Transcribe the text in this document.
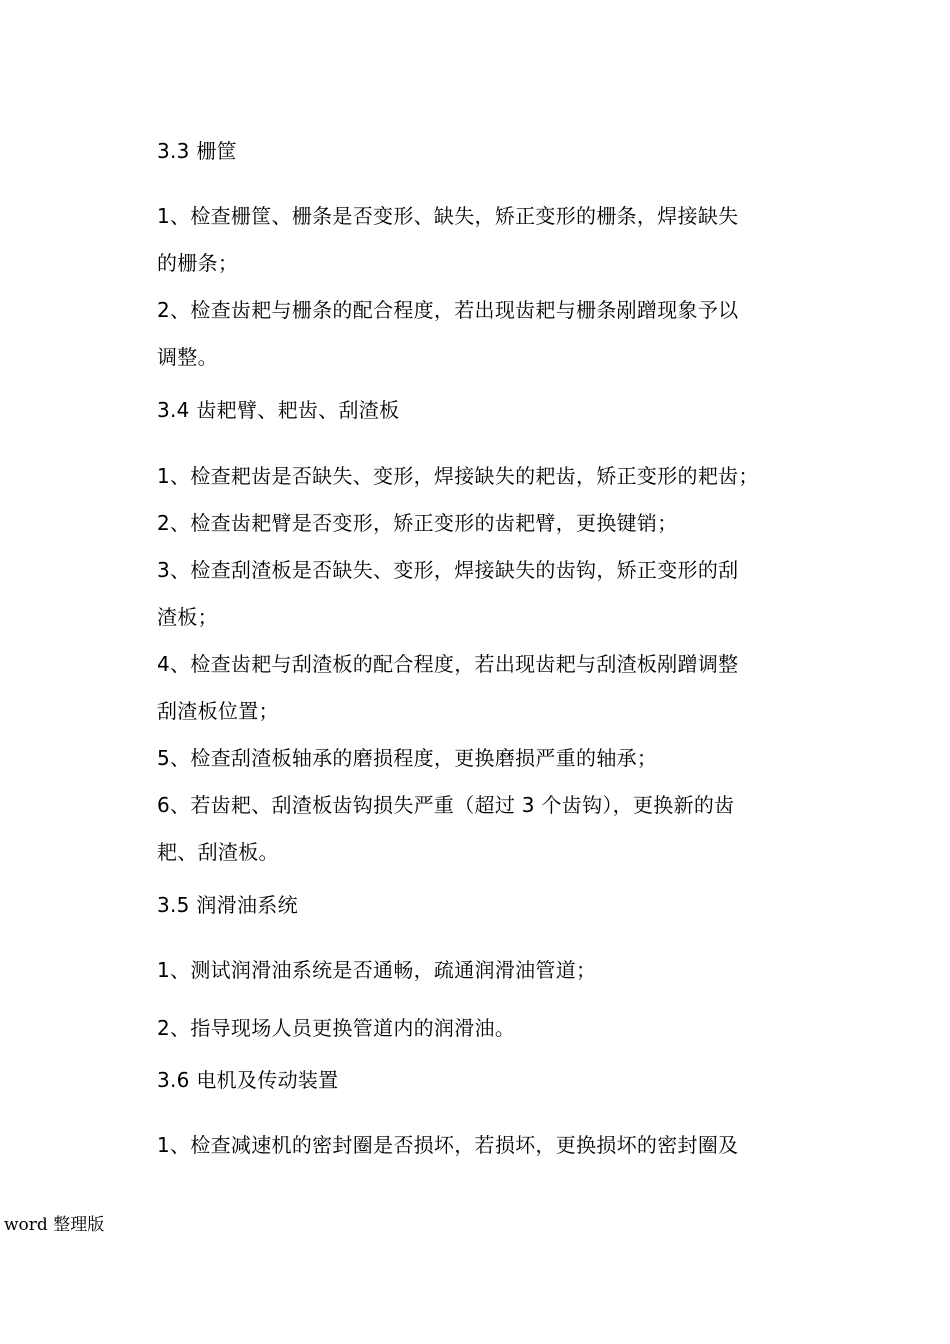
3.3 栅筐
1、检查栅筐、栅条是否变形、缺失，矫正变形的栅条，焊接缺失
的栅条；
2、检查齿耙与栅条的配合程度，若出现齿耙与栅条剐蹭现象予以
调整。
3.4 齿耙臂、耙齿、刮渣板
1、检查耙齿是否缺失、变形，焊接缺失的耙齿，矫正变形的耙齿；
2、检查齿耙臂是否变形，矫正变形的齿耙臂，更换键销；
3、检查刮渣板是否缺失、变形，焊接缺失的齿钩，矫正变形的刮
渣板；
4、检查齿耙与刮渣板的配合程度，若出现齿耙与刮渣板剐蹭调整
刮渣板位置；
5、检查刮渣板轴承的磨损程度，更换磨损严重的轴承；
6、若齿耙、刮渣板齿钩损失严重（超过 3 个齿钩），更换新的齿
耙、刮渣板。
3.5 润滑油系统
1、测试润滑油系统是否通畅，疏通润滑油管道；
2、指导现场人员更换管道内的润滑油。
3.6 电机及传动装置
1、检查减速机的密封圈是否损坏，若损坏，更换损坏的密封圈及
word 整理版
